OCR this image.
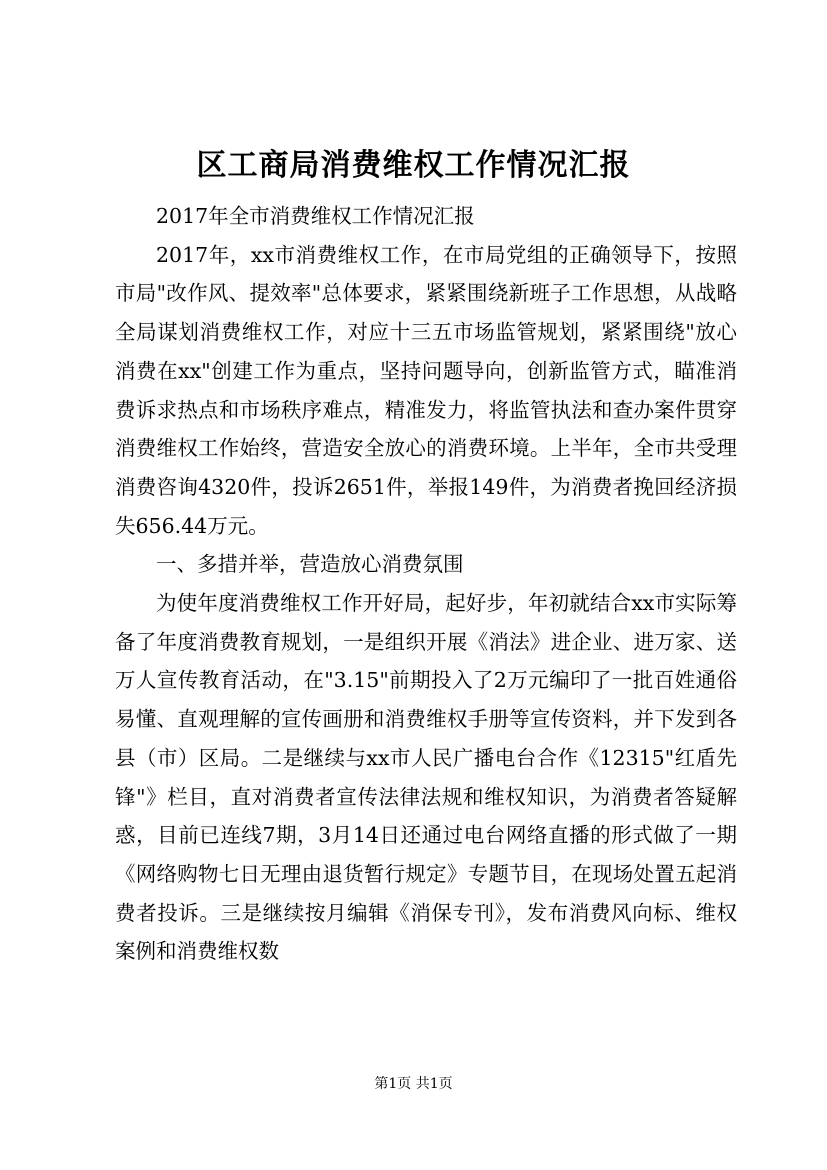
区工商局消费维权工作情况汇报

2017年全市消费维权工作情况汇报

2017年，xx市消费维权工作，在市局党组的正确领导下，按照市局"改作风、提效率"总体要求，紧紧围绕新班子工作思想，从战略全局谋划消费维权工作，对应十三五市场监管规划，紧紧围绕"放心消费在xx"创建工作为重点，坚持问题导向，创新监管方式，瞄准消费诉求热点和市场秩序难点，精准发力，将监管执法和查办案件贯穿消费维权工作始终，营造安全放心的消费环境。上半年，全市共受理消费咨询4320件，投诉2651件，举报149件，为消费者挽回经济损失656.44万元。

一、多措并举，营造放心消费氛围

为使年度消费维权工作开好局，起好步，年初就结合xx市实际筹备了年度消费教育规划，一是组织开展《消法》进企业、进万家、送万人宣传教育活动，在"3.15"前期投入了2万元编印了一批百姓通俗易懂、直观理解的宣传画册和消费维权手册等宣传资料，并下发到各县（市）区局。二是继续与xx市人民广播电台合作《12315"红盾先锋"》栏目，直对消费者宣传法律法规和维权知识，为消费者答疑解惑，目前已连线7期，3月14日还通过电台网络直播的形式做了一期《网络购物七日无理由退货暂行规定》专题节目，在现场处置五起消费者投诉。三是继续按月编辑《消保专刊》，发布消费风向标、维权案例和消费维权数

第1页 共1页
